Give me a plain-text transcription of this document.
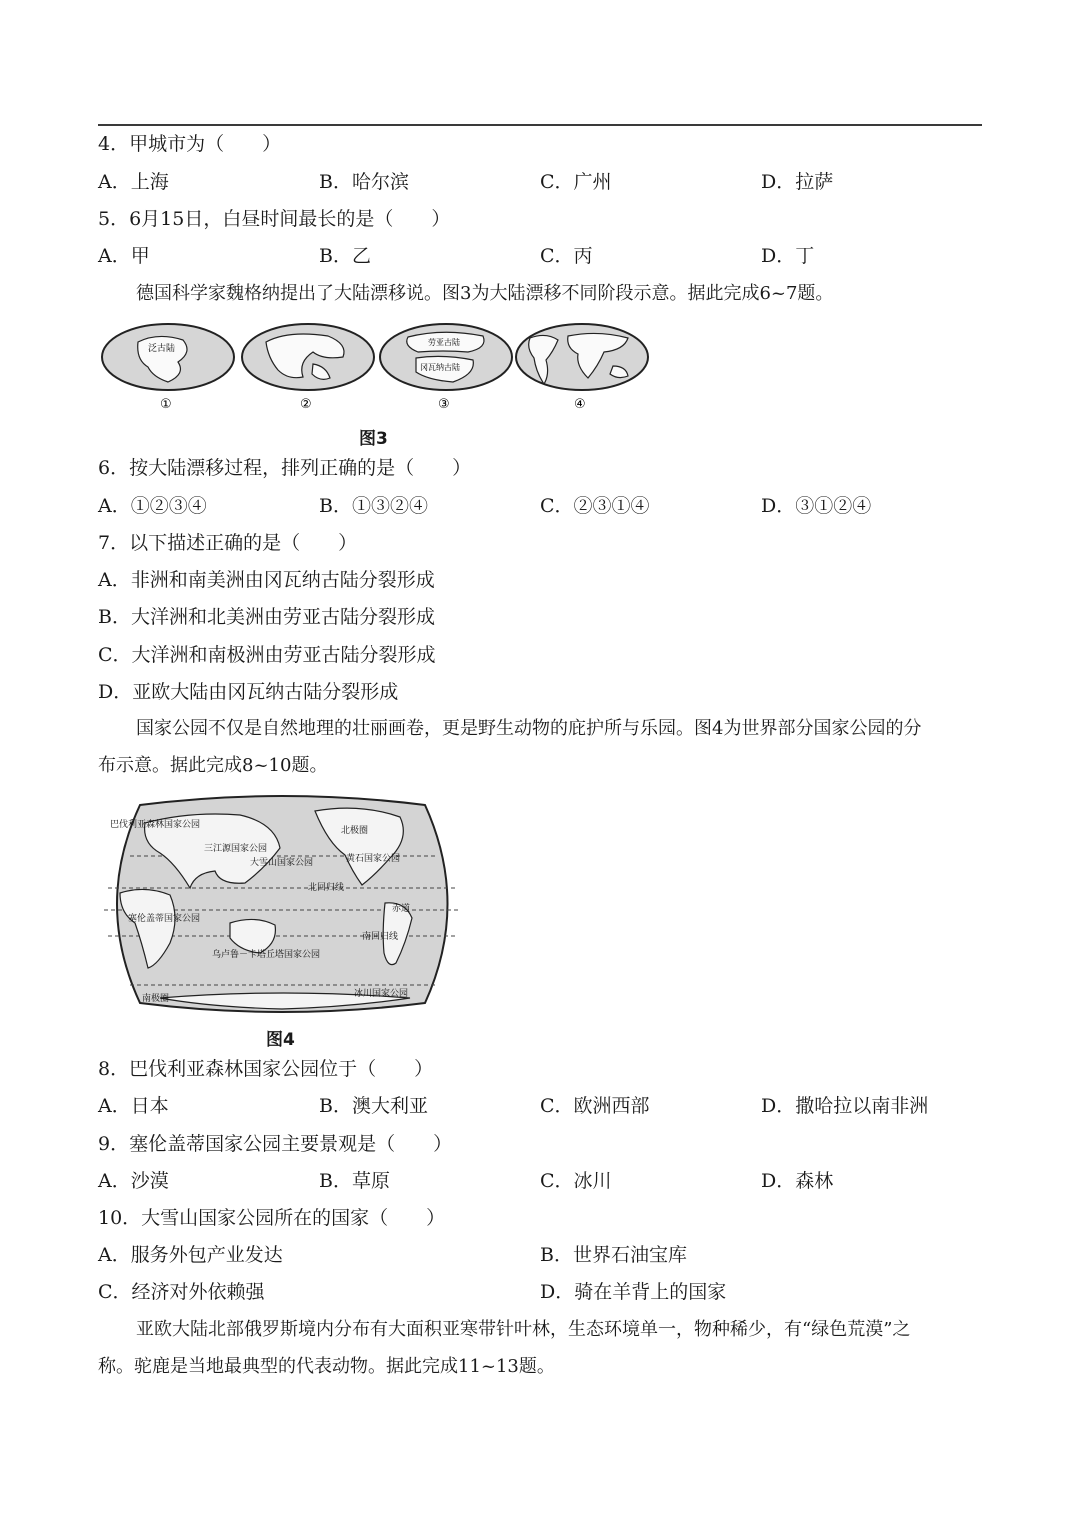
4．甲城市为（　　）
A．上海	B．哈尔滨	C．广州	D．拉萨
5．6月15日，白昼时间最长的是（　　）
A．甲	B．乙	C．丙	D．丁
德国科学家魏格纳提出了大陆漂移说。图3为大陆漂移不同阶段示意。据此完成6~7题。
泛古陆
劳亚古陆
冈瓦纳古陆
①	②	③	④
图3
6．按大陆漂移过程，排列正确的是（　　）
A．①②③④	B．①③②④	C．②③①④	D．③①②④
7．以下描述正确的是（　　）
A．非洲和南美洲由冈瓦纳古陆分裂形成
B．大洋洲和北美洲由劳亚古陆分裂形成
C．大洋洲和南极洲由劳亚古陆分裂形成
D．亚欧大陆由冈瓦纳古陆分裂形成
国家公园不仅是自然地理的壮丽画卷，更是野生动物的庇护所与乐园。图4为世界部分国家公园的分
布示意。据此完成8~10题。
巴伐利亚森林国家公园
三江源国家公园
大雪山国家公园
北极圈
黄石国家公园
北回归线
赤道
塞伦盖蒂国家公园
南回归线
乌卢鲁－卡塔丘塔国家公园
南极圈	冰川国家公园
图4
8．巴伐利亚森林国家公园位于（　　）
A．日本	B．澳大利亚	C．欧洲西部	D．撒哈拉以南非洲
9．塞伦盖蒂国家公园主要景观是（　　）
A．沙漠	B．草原	C．冰川	D．森林
10．大雪山国家公园所在的国家（　　）
A．服务外包产业发达	B．世界石油宝库
C．经济对外依赖强	D．骑在羊背上的国家
亚欧大陆北部俄罗斯境内分布有大面积亚寒带针叶林，生态环境单一，物种稀少，有“绿色荒漠”之
称。驼鹿是当地最典型的代表动物。据此完成11~13题。
